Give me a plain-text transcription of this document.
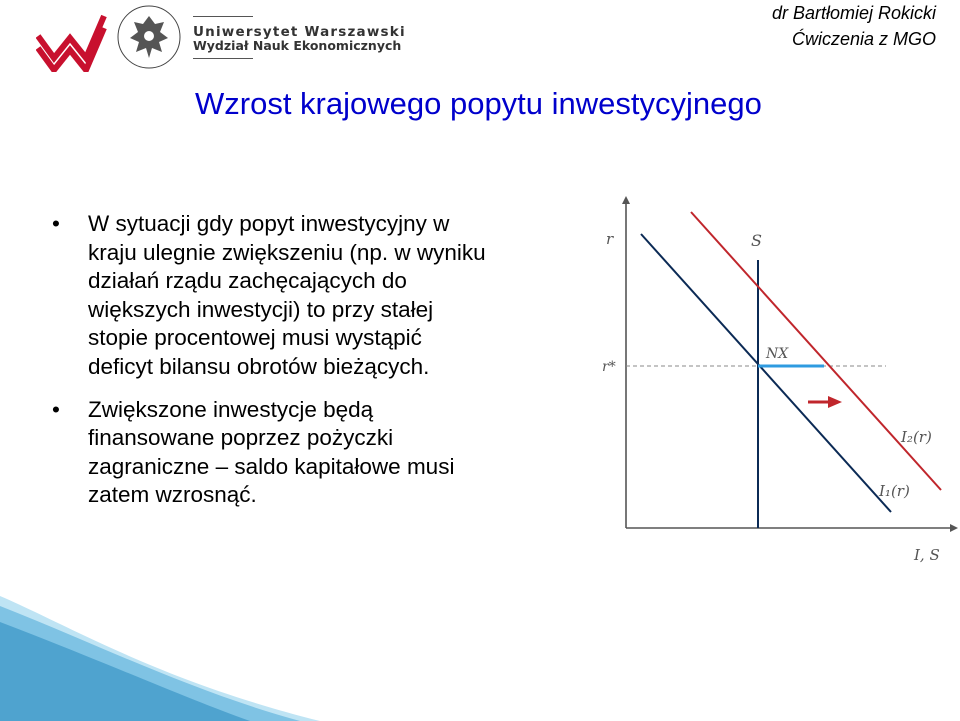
Uniwersytet Warszawski
Wydział Nauk Ekonomicznych
dr Bartłomiej Rokicki
Ćwiczenia z MGO
Wzrost krajowego popytu inwestycyjnego
• W sytuacji gdy popyt inwestycyjny w
kraju ulegnie zwiększeniu (np. w wyniku
działań rządu zachęcających do
większych inwestycji) to przy stałej
stopie procentowej musi wystąpić
deficyt bilansu obrotów bieżących.
• Zwiększone inwestycje będą
finansowane poprzez pożyczki
zagraniczne – saldo kapitałowe musi
zatem wzrosnąć.
r
r*
S
NX
I₂(r)
I₁(r)
I, S
